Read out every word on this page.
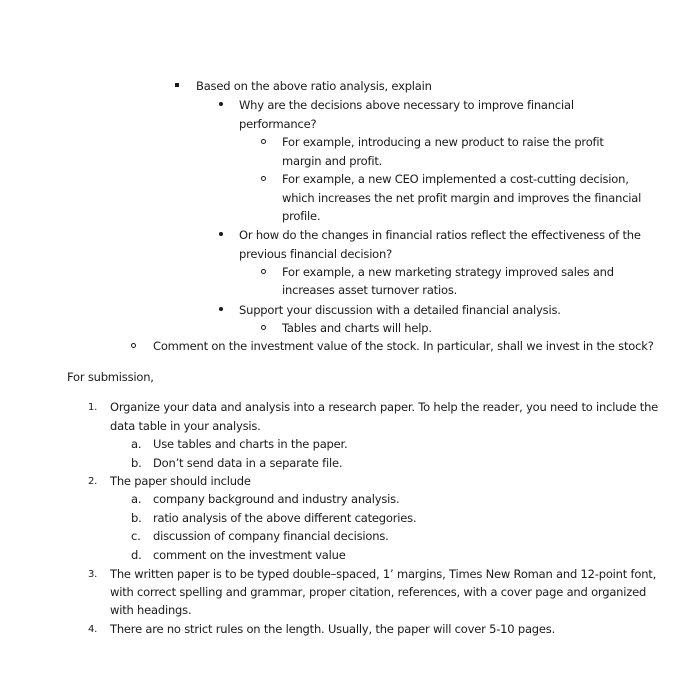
Based on the above ratio analysis, explain
Why are the decisions above necessary to improve financial
performance?
For example, introducing a new product to raise the profit
margin and profit.
For example, a new CEO implemented a cost-cutting decision,
which increases the net profit margin and improves the financial
profile.
Or how do the changes in financial ratios reflect the effectiveness of the
previous financial decision?
For example, a new marketing strategy improved sales and
increases asset turnover ratios.
Support your discussion with a detailed financial analysis.
Tables and charts will help.
Comment on the investment value of the stock. In particular, shall we invest in the stock?
For submission,
1. Organize your data and analysis into a research paper. To help the reader, you need to include the
data table in your analysis.
a. Use tables and charts in the paper.
b. Don’t send data in a separate file.
2. The paper should include
a. company background and industry analysis.
b. ratio analysis of the above different categories.
c. discussion of company financial decisions.
d. comment on the investment value
3. The written paper is to be typed double–spaced, 1’ margins, Times New Roman and 12-point font,
with correct spelling and grammar, proper citation, references, with a cover page and organized
with headings.
4. There are no strict rules on the length. Usually, the paper will cover 5-10 pages.
